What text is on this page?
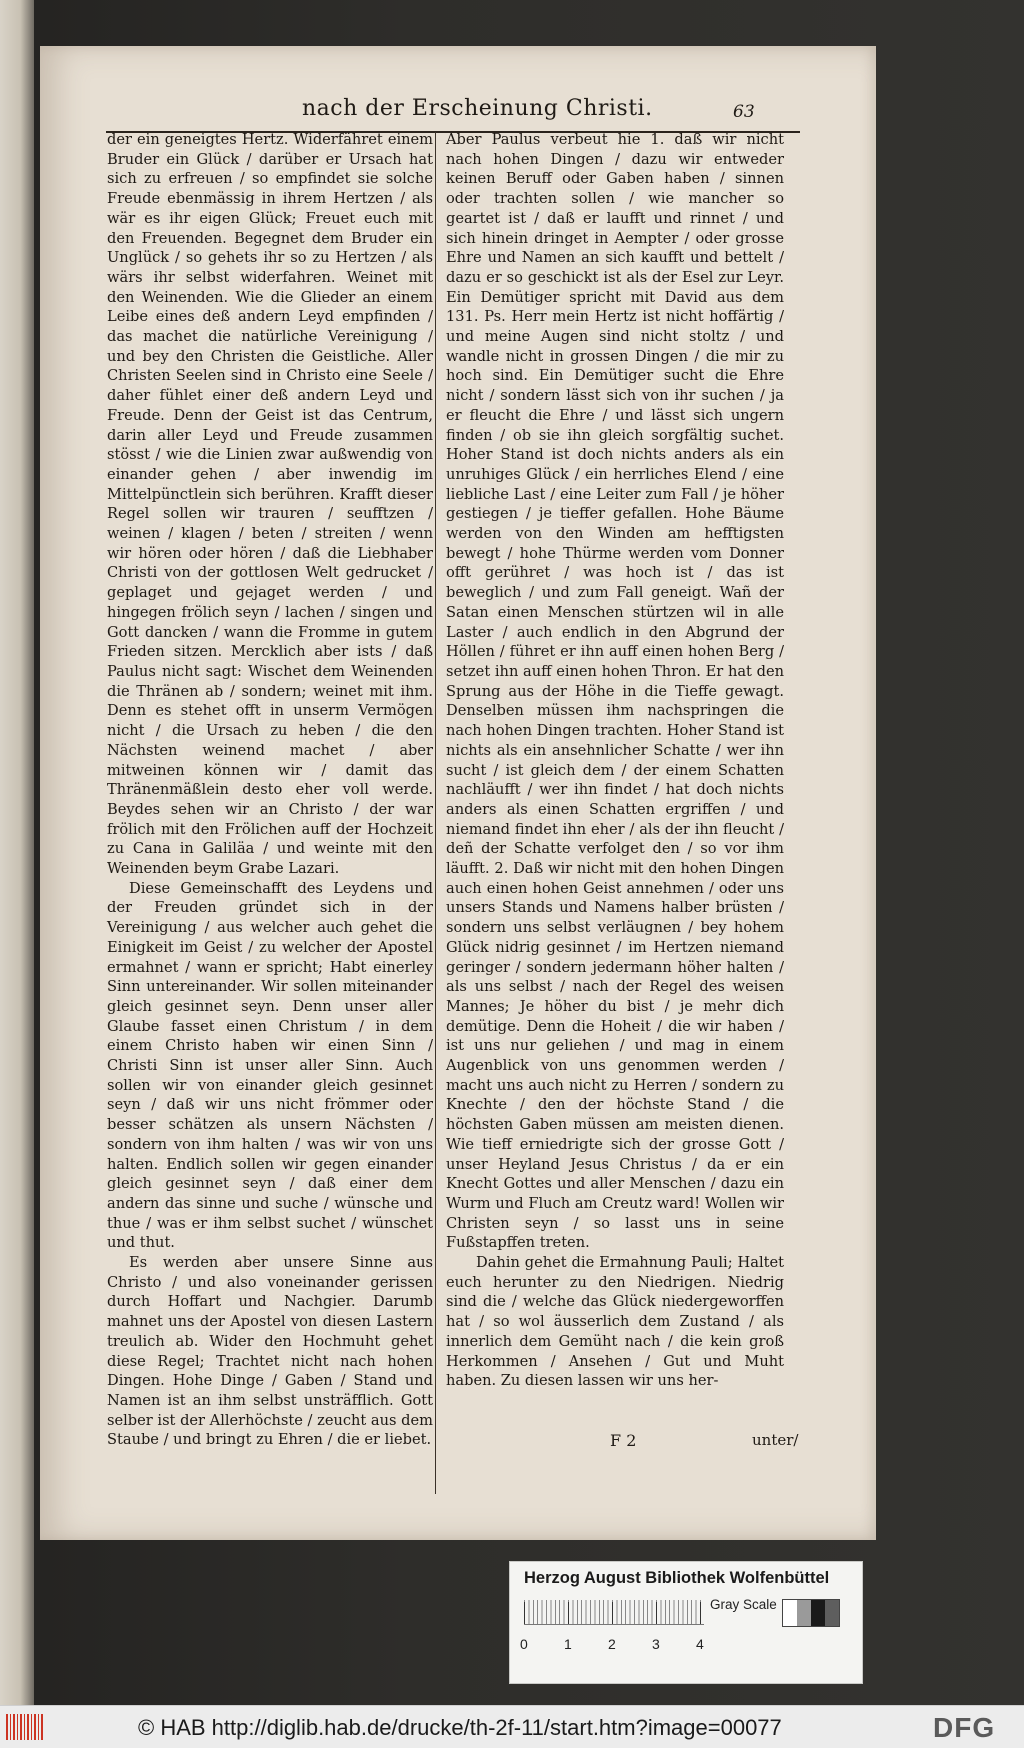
nach der Erscheinung Christi.	63

der ein geneigtes Hertz. Widerfähret einem Bruder ein Glück / darüber er Ursach hat sich zu erfreuen / so empfindet sie solche Freude ebenmässig in ihrem Hertzen / als wär es ihr eigen Glück; Freuet euch mit den Freuenden. Begegnet dem Bruder ein Unglück / so gehets ihr so zu Hertzen / als wärs ihr selbst widerfahren. Weinet mit den Weinenden. Wie die Glieder an einem Leibe eines deß andern Leyd empfinden / das machet die natürliche Vereinigung / und bey den Christen die Geistliche. Aller Christen Seelen sind in Christo eine Seele / daher fühlet einer deß andern Leyd und Freude. Denn der Geist ist das Centrum, darin aller Leyd und Freude zusammen stösst / wie die Linien zwar außwendig von einander gehen / aber inwendig im Mittelpünctlein sich berühren. Krafft dieser Regel sollen wir trauren / seufftzen / weinen / klagen / beten / streiten / wenn wir hören oder hören / daß die Liebhaber Christi von der gottlosen Welt gedrucket / geplaget und gejaget werden / und hingegen frölich seyn / lachen / singen und Gott dancken / wann die Fromme in gutem Frieden sitzen. Mercklich aber ists / daß Paulus nicht sagt: Wischet dem Weinenden die Thränen ab / sondern; weinet mit ihm. Denn es stehet offt in unserm Vermögen nicht / die Ursach zu heben / die den Nächsten weinend machet / aber mitweinen können wir / damit das Thränenmäßlein desto eher voll werde. Beydes sehen wir an Christo / der war frölich mit den Frölichen auff der Hochzeit zu Cana in Galiläa / und weinte mit den Weinenden beym Grabe Lazari.

Diese Gemeinschafft des Leydens und der Freuden gründet sich in der Vereinigung / aus welcher auch gehet die Einigkeit im Geist / zu welcher der Apostel ermahnet / wann er spricht; Habt einerley Sinn untereinander. Wir sollen miteinander gleich gesinnet seyn. Denn unser aller Glaube fasset einen Christum / in dem einem Christo haben wir einen Sinn / Christi Sinn ist unser aller Sinn. Auch sollen wir von einander gleich gesinnet seyn / daß wir uns nicht frömmer oder besser schätzen als unsern Nächsten / sondern von ihm halten / was wir von uns halten. Endlich sollen wir gegen einander gleich gesinnet seyn / daß einer dem andern das sinne und suche / wünsche und thue / was er ihm selbst suchet / wünschet und thut.

Es werden aber unsere Sinne aus Christo / und also voneinander gerissen durch Hoffart und Nachgier. Darumb mahnet uns der Apostel von diesen Lastern treulich ab. Wider den Hochmuht gehet diese Regel; Trachtet nicht nach hohen Dingen. Hohe Dinge / Gaben / Stand und Namen ist an ihm selbst unsträfflich. Gott selber ist der Allerhöchste / zeucht aus dem Staube / und bringt zu Ehren / die er liebet.

Aber Paulus verbeut hie 1. daß wir nicht nach hohen Dingen / dazu wir entweder keinen Beruff oder Gaben haben / sinnen oder trachten sollen / wie mancher so geartet ist / daß er laufft und rinnet / und sich hinein dringet in Aempter / oder grosse Ehre und Namen an sich kaufft und bettelt / dazu er so geschickt ist als der Esel zur Leyr. Ein Demütiger spricht mit David aus dem 131. Ps. Herr mein Hertz ist nicht hoffärtig / und meine Augen sind nicht stoltz / und wandle nicht in grossen Dingen / die mir zu hoch sind. Ein Demütiger sucht die Ehre nicht / sondern lässt sich von ihr suchen / ja er fleucht die Ehre / und lässt sich ungern finden / ob sie ihn gleich sorgfältig suchet. Hoher Stand ist doch nichts anders als ein unruhiges Glück / ein herrliches Elend / eine liebliche Last / eine Leiter zum Fall / je höher gestiegen / je tieffer gefallen. Hohe Bäume werden von den Winden am hefftigsten bewegt / hohe Thürme werden vom Donner offt gerühret / was hoch ist / das ist beweglich / und zum Fall geneigt. Wañ der Satan einen Menschen stürtzen wil in alle Laster / auch endlich in den Abgrund der Höllen / führet er ihn auff einen hohen Berg / setzet ihn auff einen hohen Thron. Er hat den Sprung aus der Höhe in die Tieffe gewagt. Denselben müssen ihm nachspringen die nach hohen Dingen trachten. Hoher Stand ist nichts als ein ansehnlicher Schatte / wer ihn sucht / ist gleich dem / der einem Schatten nachläufft / wer ihn findet / hat doch nichts anders als einen Schatten ergriffen / und niemand findet ihn eher / als der ihn fleucht / deñ der Schatte verfolget den / so vor ihm läufft. 2. Daß wir nicht mit den hohen Dingen auch einen hohen Geist annehmen / oder uns unsers Stands und Namens halber brüsten / sondern uns selbst verläugnen / bey hohem Glück nidrig gesinnet / im Hertzen niemand geringer / sondern jedermann höher halten / als uns selbst / nach der Regel des weisen Mannes; Je höher du bist / je mehr dich demütige. Denn die Hoheit / die wir haben / ist uns nur geliehen / und mag in einem Augenblick von uns genommen werden / macht uns auch nicht zu Herren / sondern zu Knechte / den der höchste Stand / die höchsten Gaben müssen am meisten dienen. Wie tieff erniedrigte sich der grosse Gott / unser Heyland Jesus Christus / da er ein Knecht Gottes und aller Menschen / dazu ein Wurm und Fluch am Creutz ward! Wollen wir Christen seyn / so lasst uns in seine Fußstapffen treten.

Dahin gehet die Ermahnung Pauli; Haltet euch herunter zu den Niedrigen. Niedrig sind die / welche das Glück niedergeworffen hat / so wol äusserlich dem Zustand / als innerlich dem Gemüht nach / die kein groß Herkommen / Ansehen / Gut und Muht haben. Zu diesen lassen wir uns her-

F 2	unter/
Herzog August Bibliothek Wolfenbüttel
0	1	2	3	4
Gray Scale
© HAB http://diglib.hab.de/drucke/th-2f-11/start.htm?image=00077	DFG
